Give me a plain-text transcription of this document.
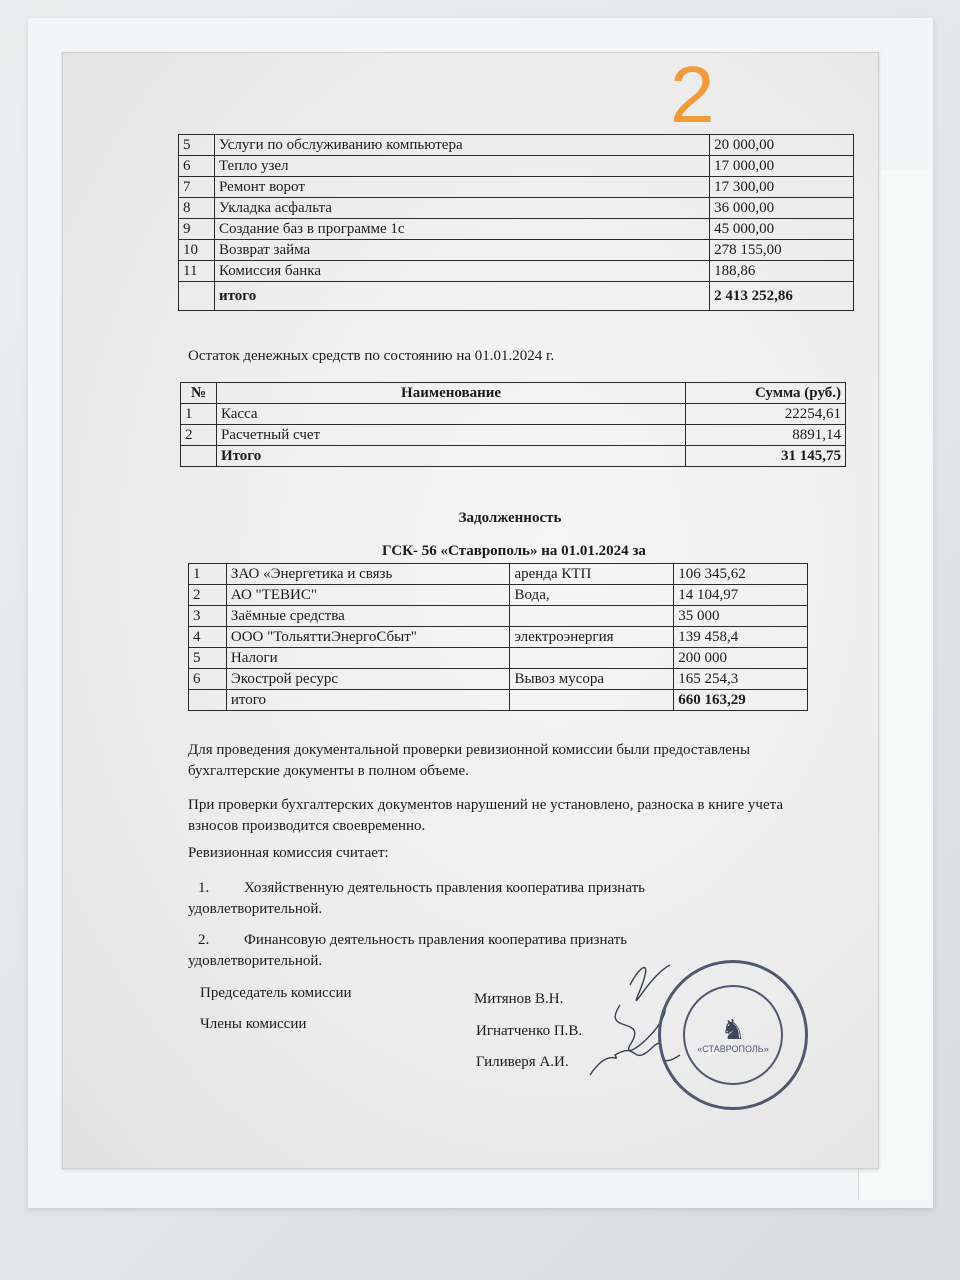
2
5	Услуги по обслуживанию компьютера	20 000,00
6	Тепло узел	17 000,00
7	Ремонт ворот	17 300,00
8	Укладка асфальта	36 000,00
9	Создание баз в программе 1с	45 000,00
10	Возврат займа	278 155,00
11	Комиссия банка	188,86
	итого	2 413 252,86
Остаток денежных средств по состоянию на 01.01.2024 г.
№	Наименование	Сумма (руб.)
1	Касса	22254,61
2	Расчетный счет	8891,14
	Итого	31 145,75
Задолженность
ГСК- 56 «Ставрополь» на 01.01.2024 за
1	ЗАО «Энергетика и связь	аренда КТП	106 345,62
2	АО "ТЕВИС"	Вода,	14 104,97
3	Заёмные средства		35 000
4	ООО "ТольяттиЭнергоСбыт"	электроэнергия	139 458,4
5	Налоги		200 000
6	Экострой ресурс	Вывоз мусора	165 254,3
	итого		660 163,29
Для проведения документальной проверки ревизионной комиссии были предоставлены бухгалтерские документы в полном объеме.
При проверки бухгалтерских документов нарушений не установлено, разноска в книге учета взносов производится своевременно.
Ревизионная комиссия считает:
1.	Хозяйственную деятельность правления кооператива признать удовлетворительной.
2.	Финансовую деятельность правления кооператива признать удовлетворительной.
Председатель комиссии	Митянов В.Н.
Члены комиссии	Игнатченко П.В.
Гиливеря А.И.
♞
«СТАВРОПОЛЬ»
